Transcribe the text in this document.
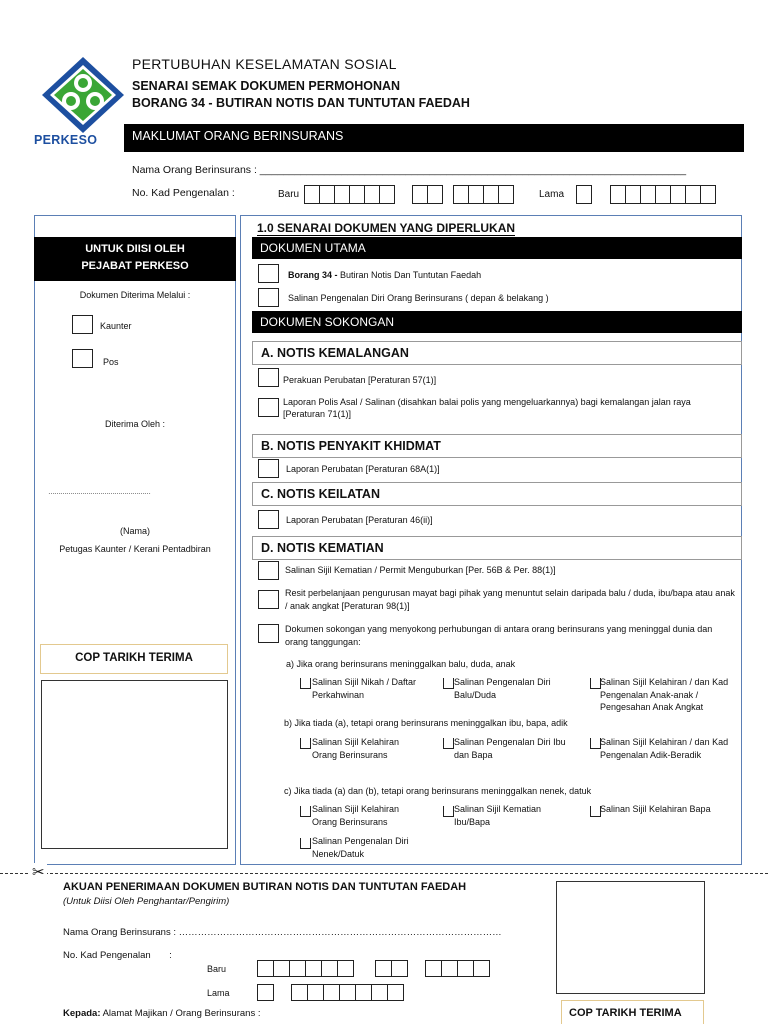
PERKESO
PERTUBUHAN KESELAMATAN SOSIAL
SENARAI SEMAK DOKUMEN PERMOHONAN
BORANG 34 - BUTIRAN NOTIS DAN TUNTUTAN FAEDAH
MAKLUMAT ORANG BERINSURANS
Nama Orang Berinsurans : _________________________________________________________________________
No. Kad Pengenalan :	Baru	Lama
UNTUK DIISI OLEH
PEJABAT PERKESO
Dokumen Diterima Melalui :
Kaunter
Pos
Diterima Oleh :
……………………………………………
(Nama)
Petugas Kaunter / Kerani Pentadbiran
COP TARIKH TERIMA
1.0 SENARAI DOKUMEN YANG DIPERLUKAN
DOKUMEN UTAMA
Borang 34 - Butiran Notis Dan Tuntutan Faedah
Salinan Pengenalan Diri Orang Berinsurans ( depan & belakang )
DOKUMEN SOKONGAN
A. NOTIS KEMALANGAN
Perakuan Perubatan [Peraturan 57(1)]
Laporan Polis Asal / Salinan (disahkan balai polis yang mengeluarkannya) bagi kemalangan jalan raya [Peraturan 71(1)]
B. NOTIS PENYAKIT KHIDMAT
Laporan Perubatan [Peraturan 68A(1)]
C. NOTIS KEILATAN
Laporan Perubatan [Peraturan 46(ii)]
D. NOTIS KEMATIAN
Salinan Sijil Kematian / Permit Menguburkan [Per. 56B & Per. 88(1)]
Resit perbelanjaan pengurusan mayat bagi pihak yang menuntut selain daripada balu / duda, ibu/bapa atau anak / anak angkat [Peraturan 98(1)]
Dokumen sokongan yang menyokong perhubungan di antara orang berinsurans yang meninggal dunia dan orang tanggungan:
a) Jika orang berinsurans meninggalkan balu, duda, anak
Salinan Sijil Nikah / Daftar Perkahwinan
Salinan Pengenalan Diri Balu/Duda
Salinan Sijil Kelahiran / dan Kad Pengenalan Anak-anak / Pengesahan Anak Angkat
b) Jika tiada (a), tetapi orang berinsurans meninggalkan ibu, bapa, adik
Salinan Sijil Kelahiran Orang Berinsurans
Salinan Pengenalan Diri Ibu dan Bapa
Salinan Sijil Kelahiran / dan Kad Pengenalan Adik-Beradik
c) Jika tiada (a) dan (b), tetapi orang berinsurans meninggalkan nenek, datuk
Salinan Sijil Kelahiran Orang Berinsurans
Salinan Sijil Kematian Ibu/Bapa
Salinan Sijil Kelahiran Bapa
Salinan Pengenalan Diri Nenek/Datuk
✂
AKUAN PENERIMAAN DOKUMEN BUTIRAN NOTIS DAN TUNTUTAN FAEDAH
(Untuk Diisi Oleh Penghantar/Pengirim)
Nama Orang Berinsurans : …………………………………………………………………………………………
No. Kad Pengenalan       :
Baru
Lama
Kepada: Alamat Majikan / Orang Berinsurans :	COP TARIKH TERIMA
